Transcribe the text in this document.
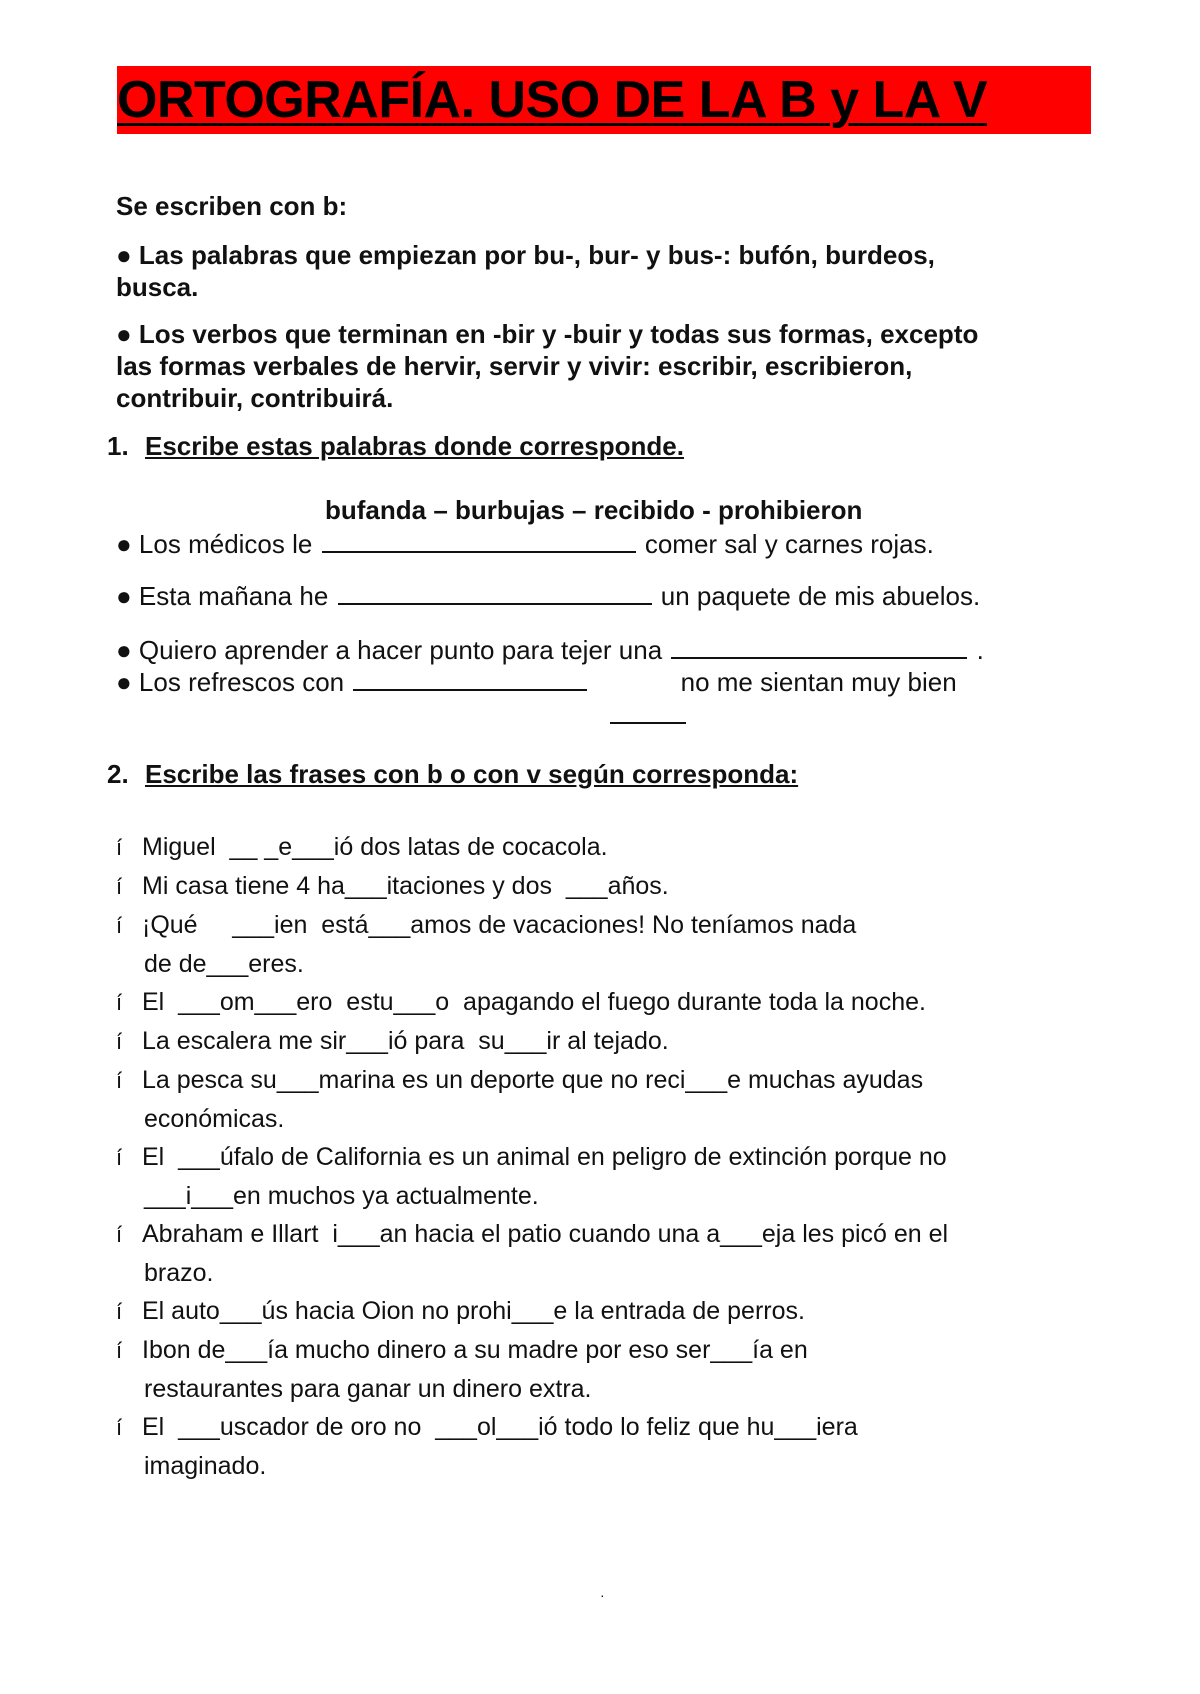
ORTOGRAFÍA. USO DE LA B y LA V
Se escriben con b:
● Las palabras que empiezan por bu-, bur- y bus-: bufón, burdeos, busca.
● Los verbos que terminan en -bir y -buir y todas sus formas, excepto las formas verbales de hervir, servir y vivir: escribir, escribieron, contribuir, contribuirá.
1. Escribe estas palabras donde corresponde.
bufanda – burbujas – recibido - prohibieron
● Los médicos le	comer sal y carnes rojas.
● Esta mañana he	un paquete de mis abuelos.
● Quiero aprender a hacer punto para tejer una	.
● Los refrescos con	no me sientan muy bien
2. Escribe las frases con b o con v según corresponda:
í Miguel  __ _e___ió dos latas de cocacola.
í Mi casa tiene 4 ha___itaciones y dos  ___años.
í ¡Qué     ___ien  está___amos de vacaciones! No teníamos nada
de de___eres.
í El  ___om___ero  estu___o  apagando el fuego durante toda la noche.
í La escalera me sir___ió para  su___ir al tejado.
í La pesca su___marina es un deporte que no reci___e muchas ayudas
económicas.
í El  ___úfalo de California es un animal en peligro de extinción porque no
___i___en muchos ya actualmente.
í Abraham e Illart  i___an hacia el patio cuando una a___eja les picó en el
brazo.
í El auto___ús hacia Oion no prohi___e la entrada de perros.
í Ibon de___ía mucho dinero a su madre por eso ser___ía en
restaurantes para ganar un dinero extra.
í El  ___uscador de oro no  ___ol___ió todo lo feliz que hu___iera
imaginado.
·
